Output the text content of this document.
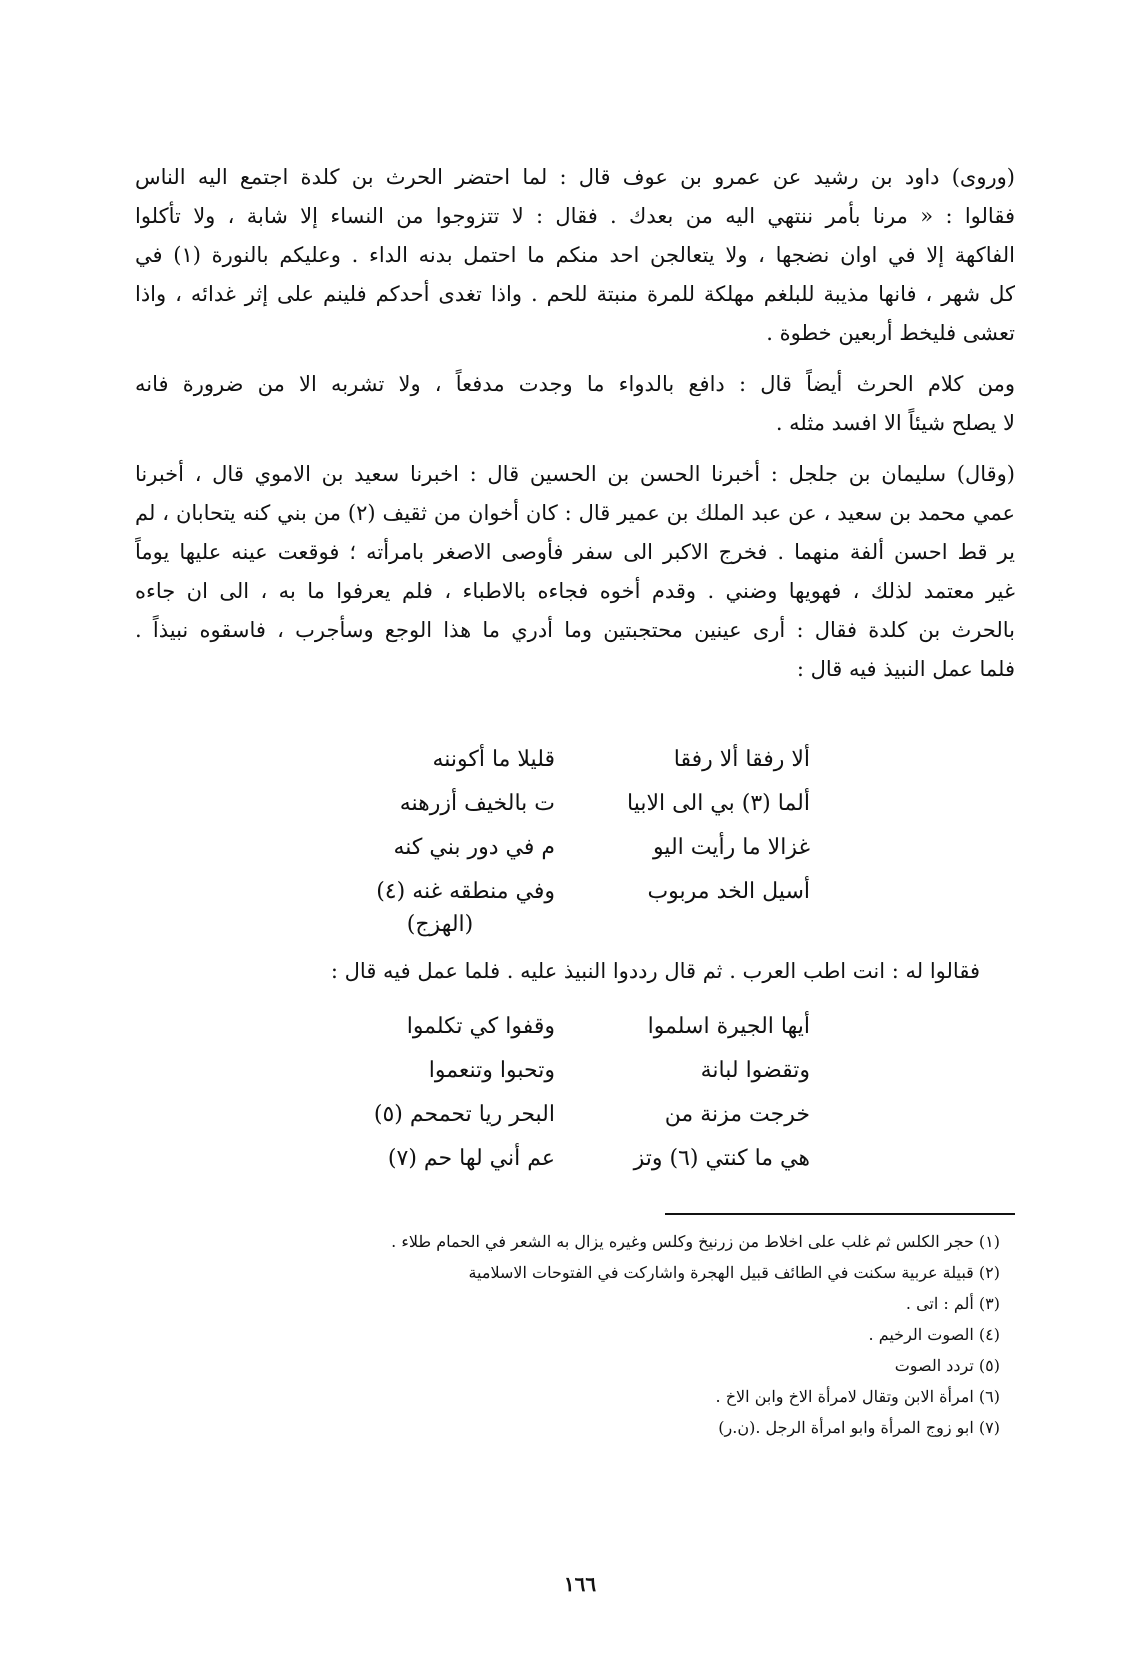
(وروى) داود بن رشيد عن عمرو بن عوف قال : لما احتضر الحرث بن كلدة اجتمع اليه الناس
فقالوا : « مرنا بأمر ننتهي اليه من بعدك . فقال : لا تتزوجوا من النساء إلا شابة ، ولا تأكلوا
الفاكهة إلا في اوان نضجها ، ولا يتعالجن احد منكم ما احتمل بدنه الداء . وعليكم بالنورة (١) في
كل شهر ، فانها مذيبة للبلغم مهلكة للمرة منبتة للحم . واذا تغدى أحدكم فلينم على إثر غدائه ، واذا
تعشى فليخط أربعين خطوة .

ومن كلام الحرث أيضاً قال : دافع بالدواء ما وجدت مدفعاً ، ولا تشربه الا من ضرورة فانه
لا يصلح شيئاً الا افسد مثله .

(وقال) سليمان بن جلجل : أخبرنا الحسن بن الحسين قال : اخبرنا سعيد بن الاموي قال ، أخبرنا
عمي محمد بن سعيد ، عن عبد الملك بن عمير قال : كان أخوان من ثقيف (٢) من بني كنه يتحابان ، لم
ير قط احسن ألفة منهما . فخرج الاكبر الى سفر فأوصى الاصغر بامرأته ؛ فوقعت عينه عليها يوماً
غير معتمد لذلك ، فهويها وضني . وقدم أخوه فجاءه بالاطباء ، فلم يعرفوا ما به ، الى ان جاءه
بالحرث بن كلدة فقال : أرى عينين محتجبتين وما أدري ما هذا الوجع وسأجرب ، فاسقوه نبيذاً .
فلما عمل النبيذ فيه قال :

ألا رفقا ألا رفقا
قليلا ما أكوننه
ألما (٣) بي الى الابيا
ت بالخيف أزرهنه
غزالا ما رأيت اليو
م في دور بني كنه
أسيل الخد مربوب
وفي منطقه غنه (٤)
(الهزج)
فقالوا له : انت اطب العرب . ثم قال رددوا النبيذ عليه . فلما عمل فيه قال :
أيها الجيرة اسلموا
وقفوا كي تكلموا
وتقضوا لبانة
وتحبوا وتنعموا
خرجت مزنة من
البحر ريا تحمحم (٥)
هي ما كنتي (٦) وتز
عم أني لها حم (٧)
(١) حجر الكلس ثم غلب على اخلاط من زرنيخ وكلس وغيره يزال به الشعر في الحمام طلاء .
(٢) قبيلة عربية سكنت في الطائف قبيل الهجرة واشاركت في الفتوحات الاسلامية
(٣) ألم : اتى .
(٤) الصوت الرخيم .
(٥) تردد الصوت
(٦) امرأة الابن وتقال لامرأة الاخ وابن الاخ .
(٧) ابو زوج المرأة وابو امرأة الرجل .(ن.ر)
١٦٦
